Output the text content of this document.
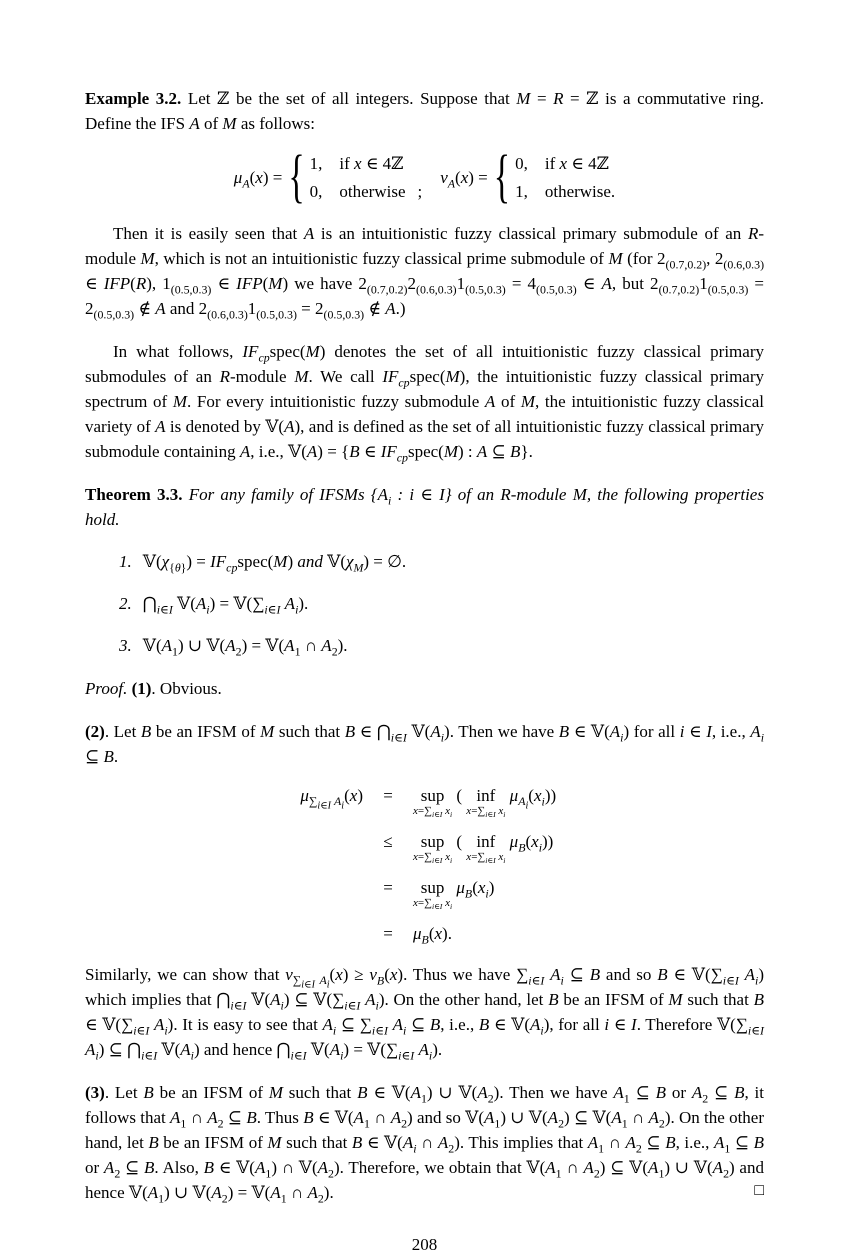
Example 3.2. Let ℤ be the set of all integers. Suppose that M = R = ℤ is a commutative ring. Define the IFS A of M as follows:

$\mu_A(x)$ = { 1, if x ∈ 4ℤ
0, otherwise ;
$\nu_A(x)$ = { 0, if x ∈ 4ℤ
1, otherwise.

Then it is easily seen that A is an intuitionistic fuzzy classical primary submodule of an R-module M, which is not an intuitionistic fuzzy classical prime submodule of M (for $2_{(0.7,0.2)}$, $2_{(0.6,0.3)}$ ∈ IFP(R), $1_{(0.5,0.3)}$ ∈ IFP(M) we have $2_{(0.7,0.2)}2_{(0.6,0.3)}1_{(0.5,0.3)} = 4_{(0.5,0.3)}$ ∈ A, but $2_{(0.7,0.2)}1_{(0.5,0.3)} = 2_{(0.5,0.3)}$ ∉ A and $2_{(0.6,0.3)}1_{(0.5,0.3)} = 2_{(0.5,0.3)}$ ∉ A.)

In what follows, $IF_{cp}spec(M)$ denotes the set of all intuitionistic fuzzy classical primary submodules of an R-module M. We call $IF_{cp}spec(M)$, the intuitionistic fuzzy classical primary spectrum of M. For every intuitionistic fuzzy submodule A of M, the intuitionistic fuzzy classical variety of A is denoted by 𝕍(A), and is defined as the set of all intuitionistic fuzzy classical primary submodule containing A, i.e., 𝕍(A) = {B ∈ $IF_{cp}spec(M)$ : A ⊆ B}.

Theorem 3.3. For any family of IFSMs {$A_i$ : i ∈ I} of an R-module M, the following properties hold.

1. $𝕍(\chi_{\{\theta\}})$ = $IF_{cp}spec(M)$ and $𝕍(\chi_M)$ = ∅.
2. $⋂_{i\in I}$ $𝕍(A_i)$ = $𝕍(\sum_{i\in I}$ $A_i$).
3. $𝕍(A_1)$ ∪ $𝕍(A_2)$ = $𝕍(A_1$ ∩ $A_2$).

Proof. (1). Obvious.

(2). Let B be an IFSM of M such that B ∈ $⋂_{i\in I}$ $𝕍(A_i)$. Then we have B ∈ $𝕍(A_i)$ for all i ∈ I, i.e., $A_i$ ⊆ B.

$\mu_{\sum_{i\in I} A_i}(x)$	=	sup
$x=\sum_{i\in I}$ $x_i$
( inf
$x=\sum_{i\in I}$ $x_i$
$\mu_{A_i}(x_i)$)
≤	sup
$x=\sum_{i\in I}$ $x_i$
( inf
$x=\sum_{i\in I}$ $x_i$
$\mu_B(x_i)$)
=	sup
$x=\sum_{i\in I}$ $x_i$
$\mu_B(x_i)$
=	$\mu_B(x)$.

Similarly, we can show that $\nu_{\sum_{i\in I} A_i}(x) \ge \nu_B(x)$. Thus we have $\sum_{i\in I}$ $A_i$ ⊆ B and so B ∈ $𝕍(\sum_{i\in I}$ $A_i$) which implies that $⋂_{i\in I}$ $𝕍(A_i)$ ⊆ $𝕍(\sum_{i\in I}$ $A_i$). On the other hand, let B be an IFSM of M such that B ∈ $𝕍(\sum_{i\in I}$ $A_i$). It is easy to see that $A_i$ ⊆ $\sum_{i\in I}$ $A_i$ ⊆ B, i.e., B ∈ $𝕍(A_i)$, for all i ∈ I. Therefore $𝕍(\sum_{i\in I}$ $A_i$) ⊆ $⋂_{i\in I}$ $𝕍(A_i)$ and hence $⋂_{i\in I}$ $𝕍(A_i)$ = $𝕍(\sum_{i\in I}$ $A_i$).

(3). Let B be an IFSM of M such that B ∈ $𝕍(A_1)$ ∪ $𝕍(A_2)$. Then we have $A_1$ ⊆ B or $A_2$ ⊆ B, it follows that $A_1$ ∩ $A_2$ ⊆ B. Thus B ∈ $𝕍(A_1$ ∩ $A_2$) and so $𝕍(A_1)$ ∪ $𝕍(A_2)$ ⊆ $𝕍(A_1$ ∩ $A_2$). On the other hand, let B be an IFSM of M such that B ∈ $𝕍(A_i$ ∩ $A_2$). This implies that $A_1$ ∩ $A_2$ ⊆ B, i.e., $A_1$ ⊆ B or $A_2$ ⊆ B. Also, B ∈ $𝕍(A_1)$ ∩ $𝕍(A_2)$. Therefore, we obtain that $𝕍(A_1$ ∩ $A_2$) ⊆ $𝕍(A_1)$ ∪ $𝕍(A_2)$ and hence $𝕍(A_1)$ ∪ $𝕍(A_2)$ = $𝕍(A_1$ ∩ $A_2$).	□

208
